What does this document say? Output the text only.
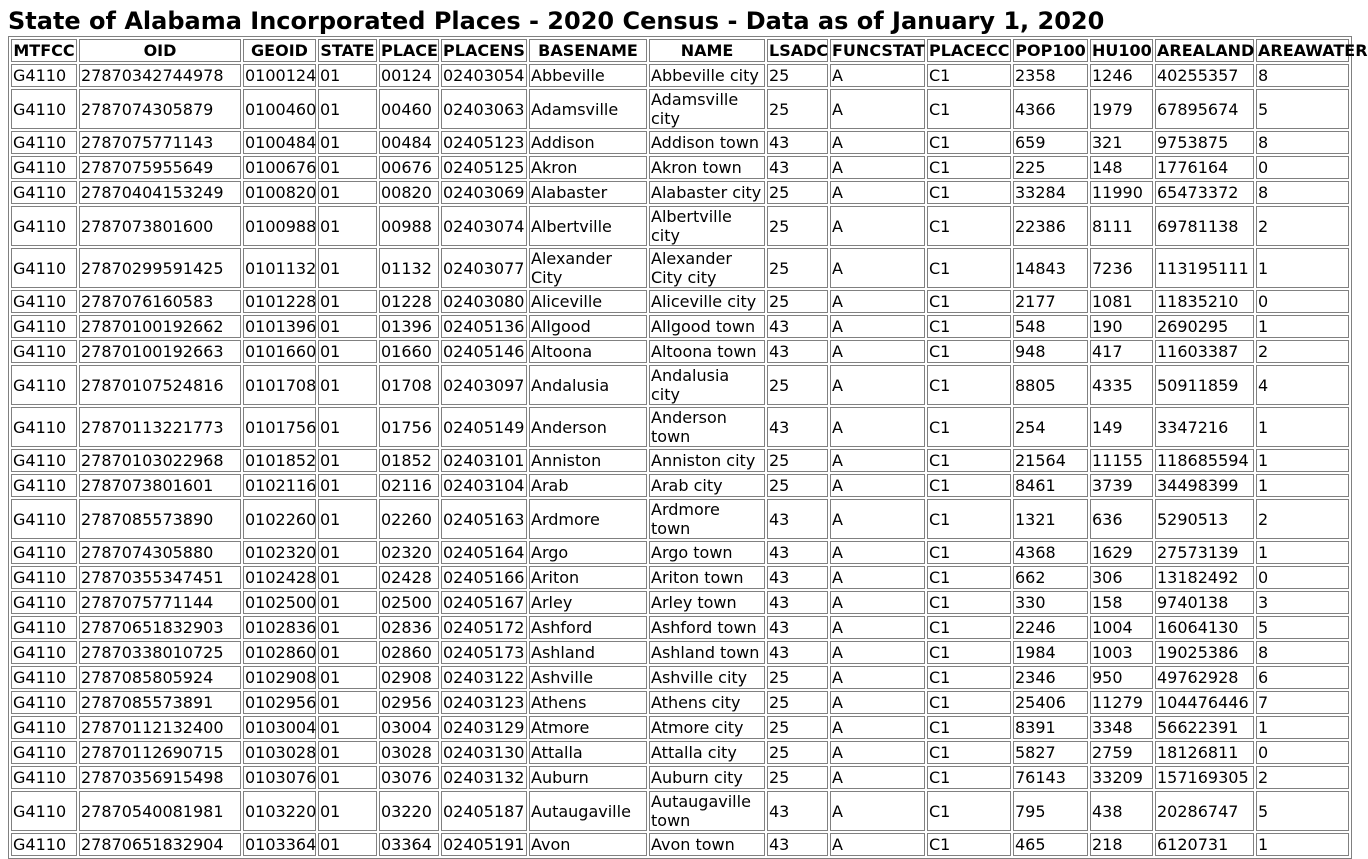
State of Alabama Incorporated Places - 2020 Census - Data as of January 1, 2020
MTFCC	OID	GEOID	STATE	PLACE	PLACENS	BASENAME	NAME	LSADC	FUNCSTAT	PLACECC	POP100	HU100	AREALAND	AREAWATER
G4110	27870342744978	0100124	01	00124	02403054	Abbeville	Abbeville city	25	A	C1	2358	1246	40255357	8
G4110	2787074305879	0100460	01	00460	02403063	Adamsville	Adamsville city	25	A	C1	4366	1979	67895674	5
G4110	2787075771143	0100484	01	00484	02405123	Addison	Addison town	43	A	C1	659	321	9753875	8
G4110	2787075955649	0100676	01	00676	02405125	Akron	Akron town	43	A	C1	225	148	1776164	0
G4110	27870404153249	0100820	01	00820	02403069	Alabaster	Alabaster city	25	A	C1	33284	11990	65473372	8
G4110	2787073801600	0100988	01	00988	02403074	Albertville	Albertville city	25	A	C1	22386	8111	69781138	2
G4110	27870299591425	0101132	01	01132	02403077	Alexander City	Alexander City city	25	A	C1	14843	7236	113195111	1
G4110	2787076160583	0101228	01	01228	02403080	Aliceville	Aliceville city	25	A	C1	2177	1081	11835210	0
G4110	27870100192662	0101396	01	01396	02405136	Allgood	Allgood town	43	A	C1	548	190	2690295	1
G4110	27870100192663	0101660	01	01660	02405146	Altoona	Altoona town	43	A	C1	948	417	11603387	2
G4110	27870107524816	0101708	01	01708	02403097	Andalusia	Andalusia city	25	A	C1	8805	4335	50911859	4
G4110	27870113221773	0101756	01	01756	02405149	Anderson	Anderson town	43	A	C1	254	149	3347216	1
G4110	27870103022968	0101852	01	01852	02403101	Anniston	Anniston city	25	A	C1	21564	11155	118685594	1
G4110	2787073801601	0102116	01	02116	02403104	Arab	Arab city	25	A	C1	8461	3739	34498399	1
G4110	2787085573890	0102260	01	02260	02405163	Ardmore	Ardmore town	43	A	C1	1321	636	5290513	2
G4110	2787074305880	0102320	01	02320	02405164	Argo	Argo town	43	A	C1	4368	1629	27573139	1
G4110	27870355347451	0102428	01	02428	02405166	Ariton	Ariton town	43	A	C1	662	306	13182492	0
G4110	2787075771144	0102500	01	02500	02405167	Arley	Arley town	43	A	C1	330	158	9740138	3
G4110	27870651832903	0102836	01	02836	02405172	Ashford	Ashford town	43	A	C1	2246	1004	16064130	5
G4110	27870338010725	0102860	01	02860	02405173	Ashland	Ashland town	43	A	C1	1984	1003	19025386	8
G4110	2787085805924	0102908	01	02908	02403122	Ashville	Ashville city	25	A	C1	2346	950	49762928	6
G4110	2787085573891	0102956	01	02956	02403123	Athens	Athens city	25	A	C1	25406	11279	104476446	7
G4110	27870112132400	0103004	01	03004	02403129	Atmore	Atmore city	25	A	C1	8391	3348	56622391	1
G4110	27870112690715	0103028	01	03028	02403130	Attalla	Attalla city	25	A	C1	5827	2759	18126811	0
G4110	27870356915498	0103076	01	03076	02403132	Auburn	Auburn city	25	A	C1	76143	33209	157169305	2
G4110	27870540081981	0103220	01	03220	02405187	Autaugaville	Autaugaville town	43	A	C1	795	438	20286747	5
G4110	27870651832904	0103364	01	03364	02405191	Avon	Avon town	43	A	C1	465	218	6120731	1
